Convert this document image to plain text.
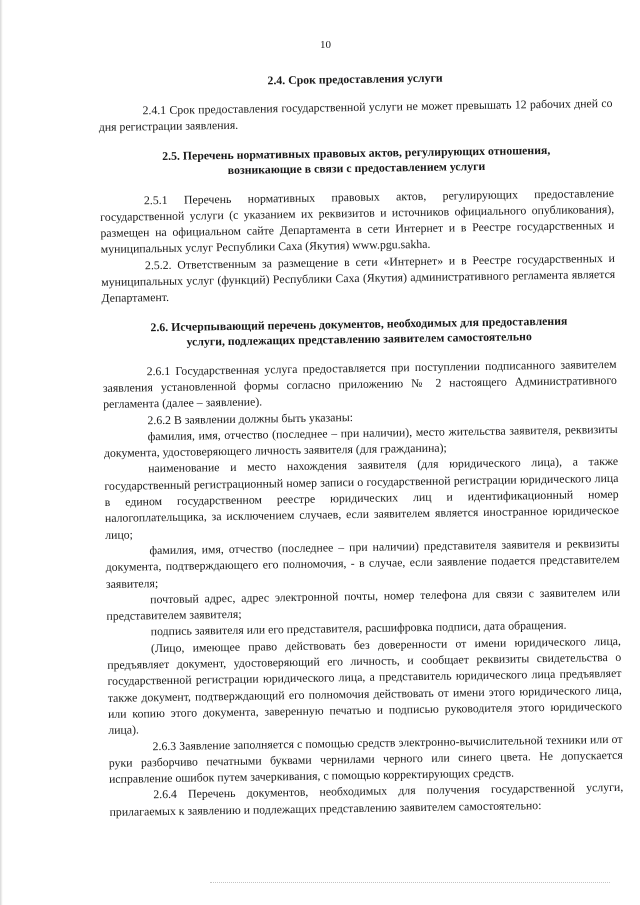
10
2.4. Срок предоставления услуги

2.4.1 Срок предоставления государственной услуги не может превышать 12 рабочих дней со дня регистрации заявления.

2.5. Перечень нормативных правовых актов, регулирующих отношения,
возникающие в связи с предоставлением услуги

2.5.1 Перечень нормативных правовых актов, регулирующих предоставление государственной услуги (с указанием их реквизитов и источников официального опубликования), размещен на официальном сайте Департамента в сети Интернет и в Реестре государственных и муниципальных услуг Республики Саха (Якутия) www.pgu.sakha.

2.5.2. Ответственным за размещение в сети «Интернет» и в Реестре государственных и муниципальных услуг (функций) Республики Саха (Якутия) административного регламента является Департамент.

2.6. Исчерпывающий перечень документов, необходимых для предоставления
услуги, подлежащих представлению заявителем самостоятельно

2.6.1 Государственная услуга предоставляется при поступлении подписанного заявителем заявления установленной формы согласно приложению № 2 настоящего Административного регламента (далее – заявление).

2.6.2 В заявлении должны быть указаны:

фамилия, имя, отчество (последнее – при наличии), место жительства заявителя, реквизиты документа, удостоверяющего личность заявителя (для гражданина);

наименование и место нахождения заявителя (для юридического лица), а также государственный регистрационный номер записи о государственной регистрации юридического лица в едином государственном реестре юридических лиц и идентификационный номер налогоплательщика, за исключением случаев, если заявителем является иностранное юридическое лицо;

фамилия, имя, отчество (последнее – при наличии) представителя заявителя и реквизиты документа, подтверждающего его полномочия, - в случае, если заявление подается представителем заявителя;

почтовый адрес, адрес электронной почты, номер телефона для связи с заявителем или представителем заявителя;

подпись заявителя или его представителя, расшифровка подписи, дата обращения.

(Лицо, имеющее право действовать без доверенности от имени юридического лица, предъявляет документ, удостоверяющий его личность, и сообщает реквизиты свидетельства о государственной регистрации юридического лица, а представитель юридического лица предъявляет также документ, подтверждающий его полномочия действовать от имени этого юридического лица, или копию этого документа, заверенную печатью и подписью руководителя этого юридического лица).

2.6.3 Заявление заполняется с помощью средств электронно-вычислительной техники или от руки разборчиво печатными буквами чернилами черного или синего цвета. Не допускается исправление ошибок путем зачеркивания, с помощью корректирующих средств.

2.6.4 Перечень документов, необходимых для получения государственной услуги, прилагаемых к заявлению и подлежащих представлению заявителем самостоятельно:
